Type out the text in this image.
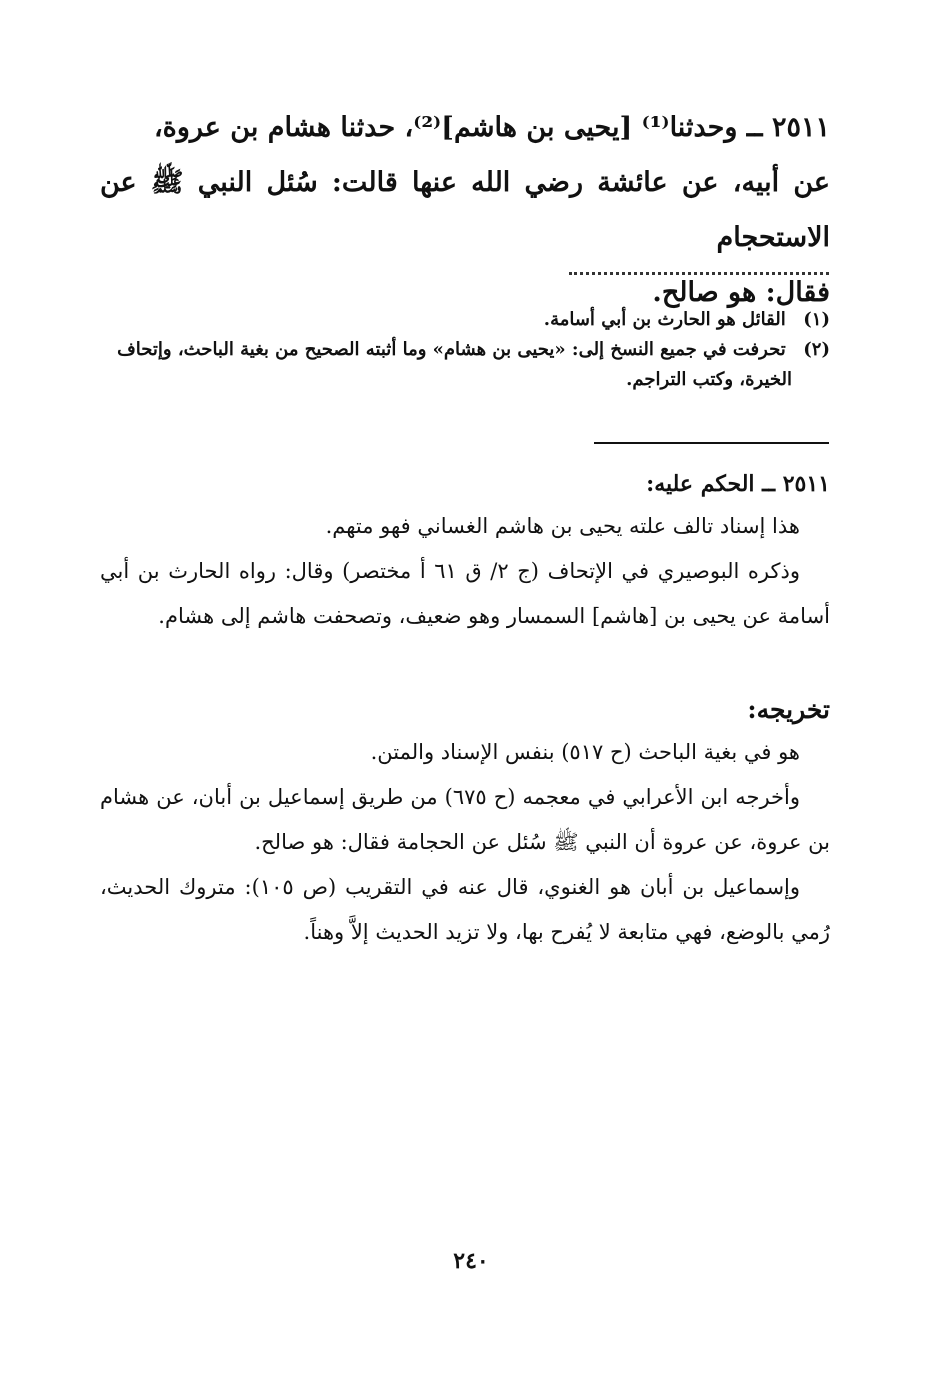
٢٥١١ ــ وحدثنا⁽¹⁾ [يحيى بن هاشم]⁽²⁾، حدثنا هشام بن عروة،

عن أبيه، عن عائشة رضي الله عنها قالت: سُئل النبي ﷺ عن الاستحجام

فقال: هو صالح.

(١) القائل هو الحارث بن أبي أسامة.

(٢) تحرفت في جميع النسخ إلى: «يحيى بن هشام» وما أثبته الصحيح من بغية الباحث، وإتحاف

الخيرة، وكتب التراجم.

٢٥١١ ــ الحكم عليه:

هذا إسناد تالف علته يحيى بن هاشم الغساني فهو متهم.

وذكره البوصيري في الإتحاف (ج ٢/ ق ٦١ أ مختصر) وقال: رواه الحارث بن أبي أسامة عن يحيى بن [هاشم] السمسار وهو ضعيف، وتصحفت هاشم إلى هشام.

تخريجه:

هو في بغية الباحث (ح ٥١٧) بنفس الإسناد والمتن.

وأخرجه ابن الأعرابي في معجمه (ح ٦٧٥) من طريق إسماعيل بن أبان، عن هشام بن عروة، عن عروة أن النبي ﷺ سُئل عن الحجامة فقال: هو صالح.

وإسماعيل بن أبان هو الغنوي، قال عنه في التقريب (ص ١٠٥): متروك الحديث، رُمي بالوضع، فهي متابعة لا يُفرح بها، ولا تزيد الحديث إلاَّ وهناً.

٢٤٠
